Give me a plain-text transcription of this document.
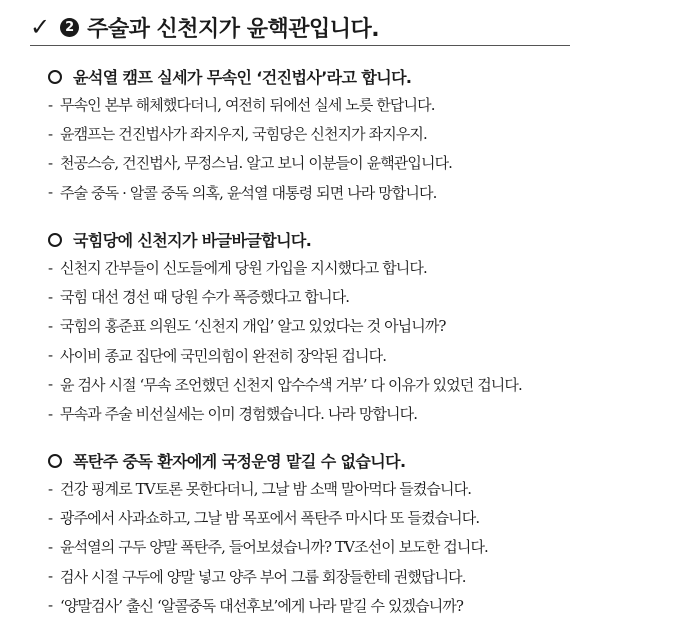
✓	2 주술과 신천지가 윤핵관입니다.
윤석열 캠프 실세가 무속인 ‘건진법사’라고 합니다.
- 무속인 본부 해체했다더니, 여전히 뒤에선 실세 노릇 한답니다.
- 윤캠프는 건진법사가 좌지우지, 국힘당은 신천지가 좌지우지.
- 천공스승, 건진법사, 무정스님. 알고 보니 이분들이 윤핵관입니다.
- 주술 중독 · 알콜 중독 의혹, 윤석열 대통령 되면 나라 망합니다.
국힘당에 신천지가 바글바글합니다.
- 신천지 간부들이 신도들에게 당원 가입을 지시했다고 합니다.
- 국힘 대선 경선 때 당원 수가 폭증했다고 합니다.
- 국힘의 홍준표 의원도 ‘신천지 개입’ 알고 있었다는 것 아닙니까?
- 사이비 종교 집단에 국민의힘이 완전히 장악된 겁니다.
- 윤 검사 시절 ‘무속 조언했던 신천지 압수수색 거부’ 다 이유가 있었던 겁니다.
- 무속과 주술 비선실세는 이미 경험했습니다. 나라 망합니다.
폭탄주 중독 환자에게 국정운영 맡길 수 없습니다.
- 건강 핑계로 TV토론 못한다더니, 그날 밤 소맥 말아먹다 들켰습니다.
- 광주에서 사과쇼하고, 그날 밤 목포에서 폭탄주 마시다 또 들켰습니다.
- 윤석열의 구두 양말 폭탄주, 들어보셨습니까? TV조선이 보도한 겁니다.
- 검사 시절 구두에 양말 넣고 양주 부어 그룹 회장들한테 권했답니다.
- ‘양말검사’ 출신 ‘알콜중독 대선후보’에게 나라 맡길 수 있겠습니까?
